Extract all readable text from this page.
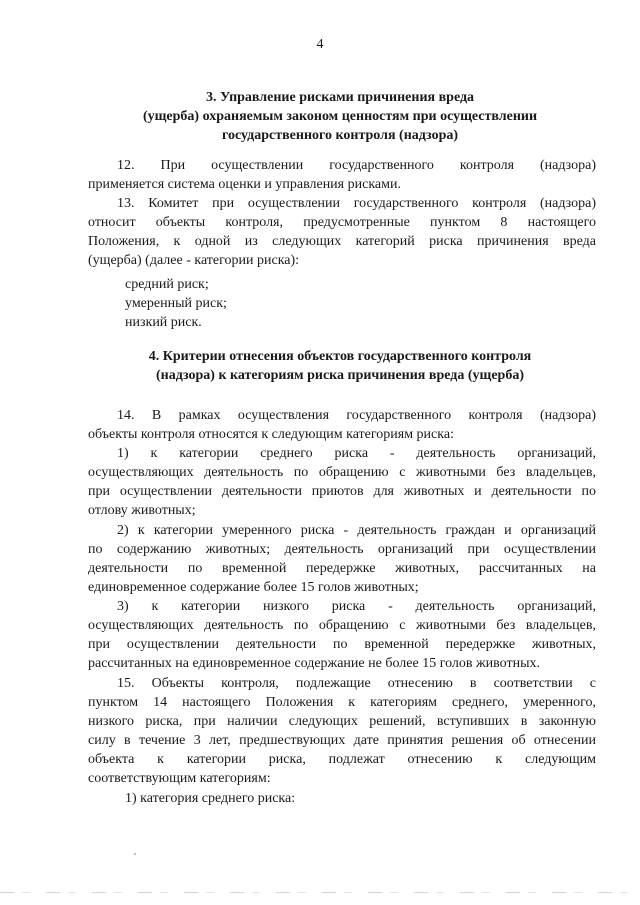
4
3. Управление рисками причинения вреда
(ущерба) охраняемым законом ценностям при осуществлении
государственного контроля (надзора)
12. При осуществлении государственного контроля (надзора)
применяется система оценки и управления рисками.
13. Комитет при осуществлении государственного контроля (надзора)
относит объекты контроля, предусмотренные пунктом 8 настоящего
Положения, к одной из следующих категорий риска причинения вреда
(ущерба) (далее - категории риска):
средний риск;
умеренный риск;
низкий риск.
4. Критерии отнесения объектов государственного контроля
(надзора) к категориям риска причинения вреда (ущерба)
14. В рамках осуществления государственного контроля (надзора)
объекты контроля относятся к следующим категориям риска:
1) к категории среднего риска - деятельность организаций,
осуществляющих деятельность по обращению с животными без владельцев,
при осуществлении деятельности приютов для животных и деятельности по
отлову животных;
2) к категории умеренного риска - деятельность граждан и организаций
по содержанию животных; деятельность организаций при осуществлении
деятельности по временной передержке животных, рассчитанных на
единовременное содержание более 15 голов животных;
3) к категории низкого риска - деятельность организаций,
осуществляющих деятельность по обращению с животными без владельцев,
при осуществлении деятельности по временной передержке животных,
рассчитанных на единовременное содержание не более 15 голов животных.
15. Объекты контроля, подлежащие отнесению в соответствии с
пунктом 14 настоящего Положения к категориям среднего, умеренного,
низкого риска, при наличии следующих решений, вступивших в законную
силу в течение 3 лет, предшествующих дате принятия решения об отнесении
объекта к категории риска, подлежат отнесению к следующим
соответствующим категориям:
1) категория среднего риска:
